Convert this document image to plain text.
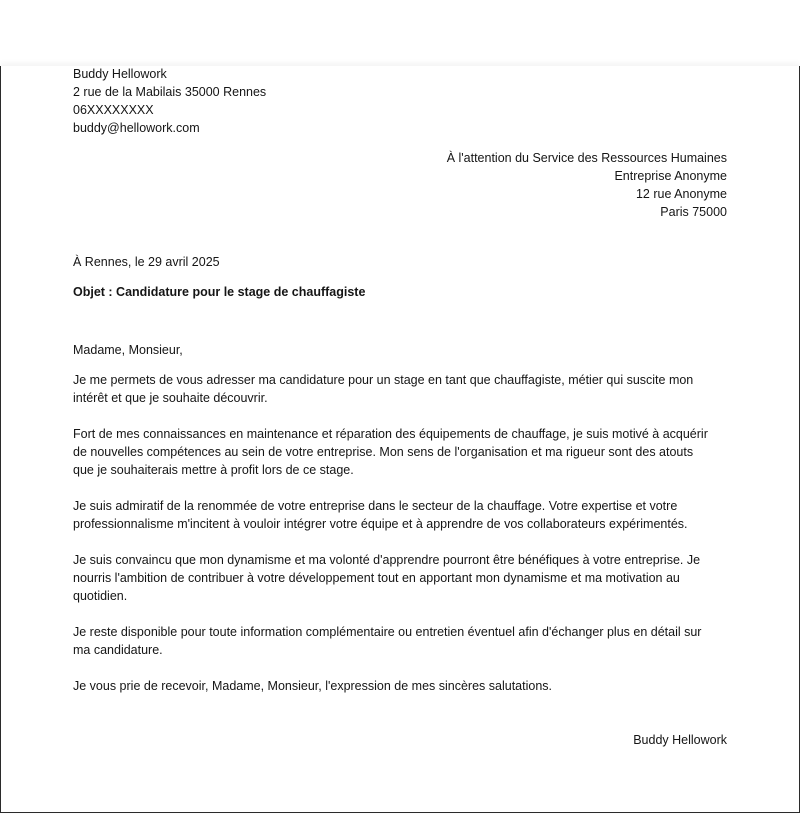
Buddy Hellowork
2 rue de la Mabilais 35000 Rennes
06XXXXXXXX
buddy@hellowork.com
À l'attention du Service des Ressources Humaines
Entreprise Anonyme
12 rue Anonyme
Paris 75000
À Rennes, le 29 avril 2025
Objet : Candidature pour le stage de chauffagiste
Madame, Monsieur,
Je me permets de vous adresser ma candidature pour un stage en tant que chauffagiste, métier qui suscite mon
intérêt et que je souhaite découvrir.
Fort de mes connaissances en maintenance et réparation des équipements de chauffage, je suis motivé à acquérir
de nouvelles compétences au sein de votre entreprise. Mon sens de l'organisation et ma rigueur sont des atouts
que je souhaiterais mettre à profit lors de ce stage.
Je suis admiratif de la renommée de votre entreprise dans le secteur de la chauffage. Votre expertise et votre
professionnalisme m'incitent à vouloir intégrer votre équipe et à apprendre de vos collaborateurs expérimentés.
Je suis convaincu que mon dynamisme et ma volonté d'apprendre pourront être bénéfiques à votre entreprise. Je
nourris l'ambition de contribuer à votre développement tout en apportant mon dynamisme et ma motivation au
quotidien.
Je reste disponible pour toute information complémentaire ou entretien éventuel afin d'échanger plus en détail sur
ma candidature.
Je vous prie de recevoir, Madame, Monsieur, l'expression de mes sincères salutations.
Buddy Hellowork
